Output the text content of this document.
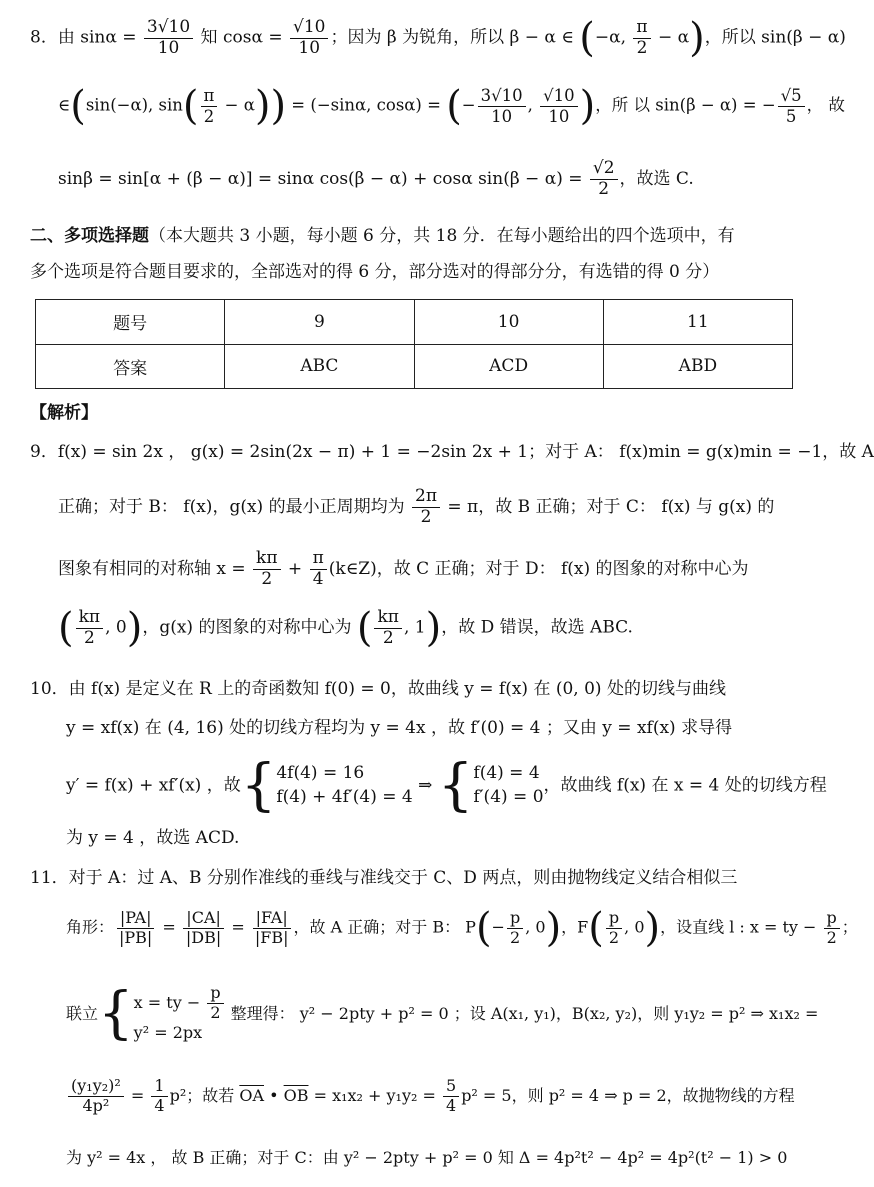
8．由 $\sin\alpha = \frac{3√10}{10}$ 知 $\cos\alpha = \frac{√10}{10}$ ；因为 β 为锐角，所以 β − α ∈ (−α, $\frac{\pi}{2} - \alpha$)，所以 sin(β − α)
∈(sin(−α), $\sin( \frac{\pi}{2} - \alpha)) = (-\sin\alpha$, cosα) = (− $\frac{3√10}{10}$ , $\frac{√10}{10}$ )，所 以 sin(β − α) = − $\frac{√5}{5}$ ， 故
sinβ = sin[α + (β − α)] = sinα cos(β − α) + cosα $\sin(\beta - \alpha) = \frac{√2}{2}$ ，故选 C.
二、多项选择题（本大题共 3 小题，每小题 6 分，共 18 分．在每小题给出的四个选项中，有
多个选项是符合题目要求的，全部选对的得 6 分，部分选对的得部分分，有选错的得 0 分）
题号	9	10	11
答案	ABC	ACD	ABD
【解析】
9．f(x) = sin 2x ， g(x) = 2sin(2x − π) + 1 = −2sin 2x + 1；对于 A： f(x)min = g(x)min = −1，故 A
正确；对于 B： f(x)，g(x) 的最小正周期均为 $\frac{2\pi}{2} = \pi$，故 B 正确；对于 C： f(x) 与 g(x) 的
图象有相同的对称轴 $x = \frac{k\pi}{2} + \frac{\pi}{4}$ (k∈Z)，故 C 正确；对于 D： f(x) 的图象的对称中心为
( $\frac{k\pi}{2}$ , 0)，g(x) 的图象的对称中心为 ( $\frac{k\pi}{2}$ , 1)，故 D 错误，故选 ABC.
10．由 f(x) 是定义在 R 上的奇函数知 f(0) = 0，故曲线 y = f(x) 在 (0, 0) 处的切线与曲线
y = xf(x) 在 (4, 16) 处的切线方程均为 y = 4x ，故 f′(0) = 4 ；又由 y = xf(x) 求导得
y′ = f(x) + xf′(x) ，故 { 4f(4) = 16
f(4) + 4f′(4) = 4
⇒ { f(4) = 4
f′(4) = 0
，故曲线 f(x) 在 x = 4 处的切线方程
为 y = 4 ，故选 ACD.
11．对于 A：过 A、B 分别作准线的垂线与准线交于 C、D 两点，则由抛物线定义结合相似三
角形： $\frac{|PA|}{|PB|} = \frac{|CA|}{|DB|} = \frac{|FA|}{|FB|}$ ，故 A 正确；对于 B： $P(- \frac{p}{2}$ , 0)，$F( \frac{p}{2}$ , 0)，设直线 l : x = ty − $\frac{p}{2}$ ；
联立 { x = ty − $\frac{p}{2}$
y² = 2px
整理得： y² − 2pty + p² = 0 ；设 A(x₁, y₁)，B(x₂, y₂)，则 y₁y₂ = p² ⇒ x₁x₂ =
$\frac{\text{(y₁y₂)²}}{\text{4p²}} = \frac{1}{4} p^2$；故若 $\overline{OA}$ • $\overline{OB} = x_1x_2 + y_1y_2 = \frac{5}{4} p^2 = 5$，则 p² = 4 ⇒ p = 2，故抛物线的方程
为 y² = 4x ， 故 B 正确；对于 C：由 y² − 2pty + p² = 0 知 Δ = 4p²t² − 4p² = 4p²(t² − 1) > 0
